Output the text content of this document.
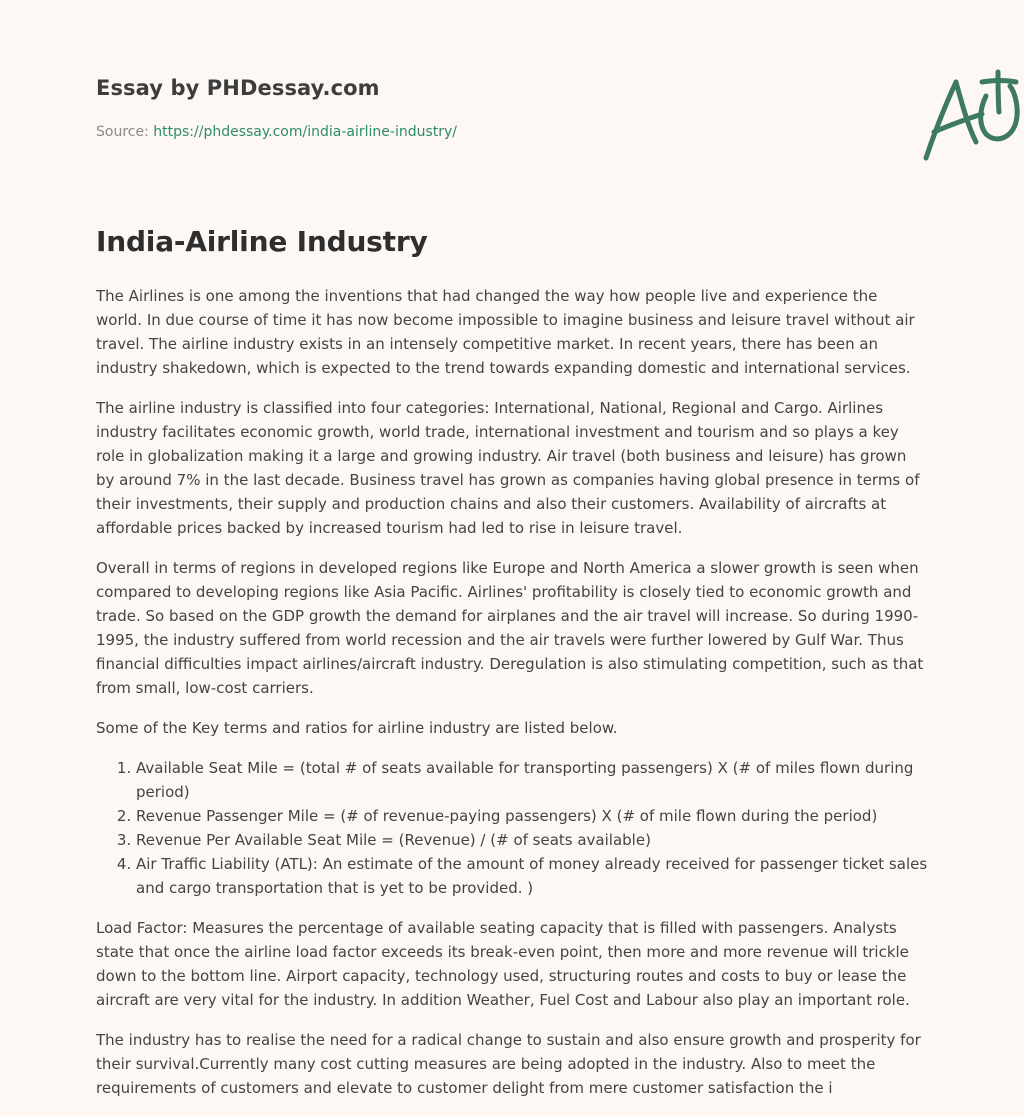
Essay by PHDessay.com
Source: https://phdessay.com/india-airline-industry/
India-Airline Industry

The Airlines is one among the inventions that had changed the way how people live and experience the world. In due course of time it has now become impossible to imagine business and leisure travel without air travel. The airline industry exists in an intensely competitive market. In recent years, there has been an industry shakedown, which is expected to the trend towards expanding domestic and international services.

The airline industry is classified into four categories: International, National, Regional and Cargo. Airlines industry facilitates economic growth, world trade, international investment and tourism and so plays a key role in globalization making it a large and growing industry. Air travel (both business and leisure) has grown by around 7% in the last decade. Business travel has grown as companies having global presence in terms of their investments, their supply and production chains and also their customers. Availability of aircrafts at affordable prices backed by increased tourism had led to rise in leisure travel.

Overall in terms of regions in developed regions like Europe and North America a slower growth is seen when compared to developing regions like Asia Pacific. Airlines' profitability is closely tied to economic growth and trade. So based on the GDP growth the demand for airplanes and the air travel will increase. So during 1990-1995, the industry suffered from world recession and the air travels were further lowered by Gulf War. Thus financial difficulties impact airlines/aircraft industry. Deregulation is also stimulating competition, such as that from small, low-cost carriers.

Some of the Key terms and ratios for airline industry are listed below.

1. Available Seat Mile = (total # of seats available for transporting passengers) X (# of miles flown during period)
2. Revenue Passenger Mile = (# of revenue-paying passengers) X (# of mile flown during the period)
3. Revenue Per Available Seat Mile = (Revenue) / (# of seats available)
4. Air Traffic Liability (ATL): An estimate of the amount of money already received for passenger ticket sales and cargo transportation that is yet to be provided. )

Load Factor: Measures the percentage of available seating capacity that is filled with passengers. Analysts state that once the airline load factor exceeds its break-even point, then more and more revenue will trickle down to the bottom line. Airport capacity, technology used, structuring routes and costs to buy or lease the aircraft are very vital for the industry. In addition Weather, Fuel Cost and Labour also play an important role.

The industry has to realise the need for a radical change to sustain and also ensure growth and prosperity for their survival.Currently many cost cutting measures are being adopted in the industry. Also to meet the requirements of customers and elevate to customer delight from mere customer satisfaction the i
